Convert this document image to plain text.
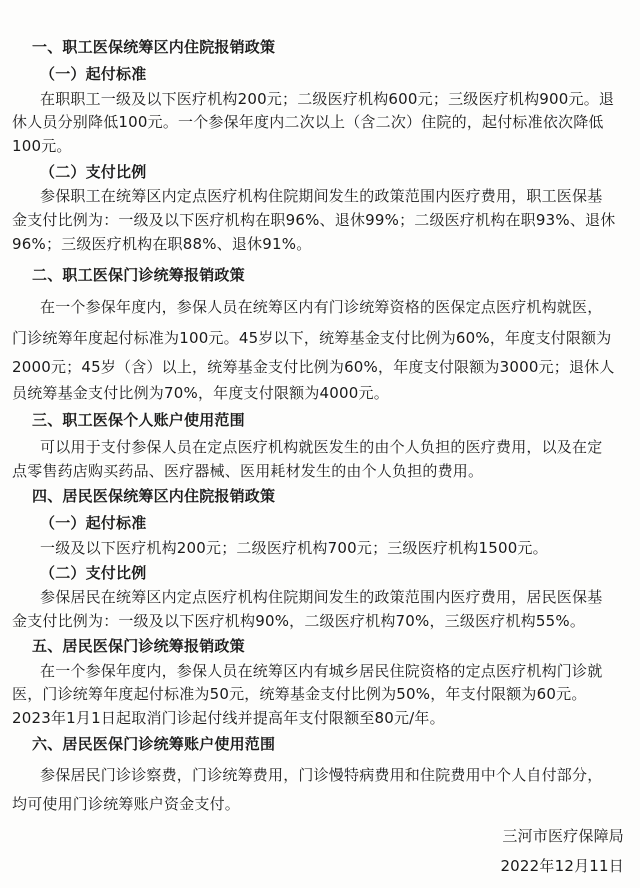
一、职工医保统筹区内住院报销政策
（一）起付标准
在职职工一级及以下医疗机构200元；二级医疗机构600元；三级医疗机构900元。退
休人员分别降低100元。一个参保年度内二次以上（含二次）住院的，起付标准依次降低
100元。
（二）支付比例
参保职工在统筹区内定点医疗机构住院期间发生的政策范围内医疗费用，职工医保基
金支付比例为：一级及以下医疗机构在职96%、退休99%；二级医疗机构在职93%、退休
96%；三级医疗机构在职88%、退休91%。
二、职工医保门诊统筹报销政策
在一个参保年度内，参保人员在统筹区内有门诊统筹资格的医保定点医疗机构就医，
门诊统筹年度起付标准为100元。45岁以下，统筹基金支付比例为60%，年度支付限额为
2000元；45岁（含）以上，统筹基金支付比例为60%，年度支付限额为3000元；退休人
员统筹基金支付比例为70%，年度支付限额为4000元。
三、职工医保个人账户使用范围
可以用于支付参保人员在定点医疗机构就医发生的由个人负担的医疗费用，以及在定
点零售药店购买药品、医疗器械、医用耗材发生的由个人负担的费用。
四、居民医保统筹区内住院报销政策
（一）起付标准
一级及以下医疗机构200元；二级医疗机构700元；三级医疗机构1500元。
（二）支付比例
参保居民在统筹区内定点医疗机构住院期间发生的政策范围内医疗费用，居民医保基
金支付比例为：一级及以下医疗机构90%，二级医疗机构70%，三级医疗机构55%。
五、居民医保门诊统筹报销政策
在一个参保年度内，参保人员在统筹区内有城乡居民住院资格的定点医疗机构门诊就
医，门诊统筹年度起付标准为50元，统筹基金支付比例为50%，年支付限额为60元。
2023年1月1日起取消门诊起付线并提高年支付限额至80元/年。
六、居民医保门诊统筹账户使用范围
参保居民门诊诊察费，门诊统筹费用，门诊慢特病费用和住院费用中个人自付部分，
均可使用门诊统筹账户资金支付。
三河市医疗保障局
2022年12月11日
